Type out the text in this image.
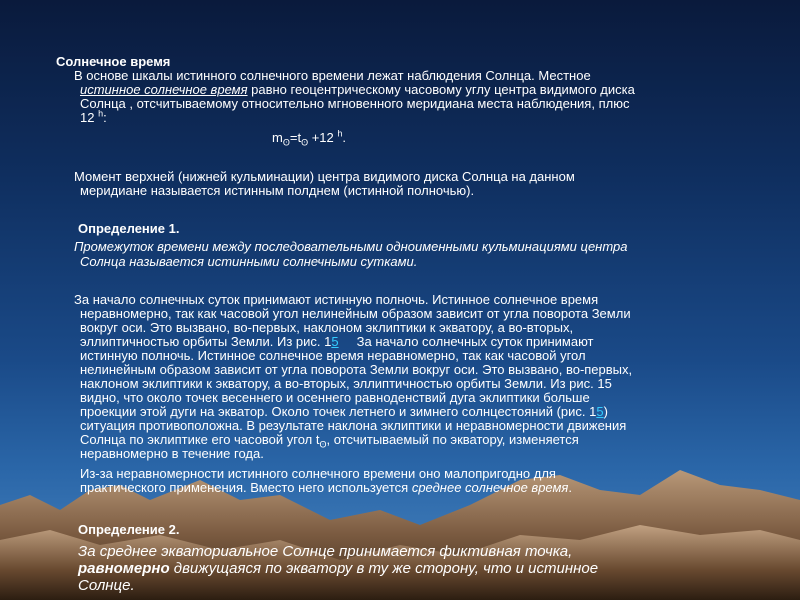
Солнечное время
В основе шкалы истинного солнечного времени лежат наблюдения Солнца. Местное
истинное солнечное время равно геоцентрическому часовому углу центра видимого диска
Солнца , отсчитываемому относительно мгновенного меридиана места наблюдения, плюс
12 $^h$:
$m_ʘ=t_ʘ +12$ $^h$.
Момент верхней (нижней кульминации) центра видимого диска Солнца на данном
меридиане называется истинным полднем (истинной полночью).
Определение 1.
Промежуток времени между последовательными одноименными кульминациями центра
Солнца называется истинными солнечными сутками.
За начало солнечных суток принимают истинную полночь. Истинное солнечное время
неравномерно, так как часовой угол нелинейным образом зависит от угла поворота Земли
вокруг оси. Это вызвано, во-первых, наклоном эклиптики к экватору, а во-вторых,
эллиптичностью орбиты Земли. Из рис. 15     За начало солнечных суток принимают
истинную полночь. Истинное солнечное время неравномерно, так как часовой угол
нелинейным образом зависит от угла поворота Земли вокруг оси. Это вызвано, во-первых,
наклоном эклиптики к экватору, а во-вторых, эллиптичностью орбиты Земли. Из рис. 15
видно, что около точек весеннего и осеннего равноденствий дуга эклиптики больше
проекции этой дуги на экватор. Около точек летнего и зимнего солнцестояний (рис. 15)
ситуация противоположна. В результате наклона эклиптики и неравномерности движения
Солнца по эклиптике его часовой угол $t_ʘ$, отсчитываемый по экватору, изменяется
неравномерно в течение года.
Из-за неравномерности истинного солнечного времени оно малопригодно для
практического применения. Вместо него используется среднее солнечное время.
Определение 2.
За среднее экваториальное Солнце принимается фиктивная точка,
равномерно движущаяся по экватору в ту же сторону, что и истинное
Солнце.
